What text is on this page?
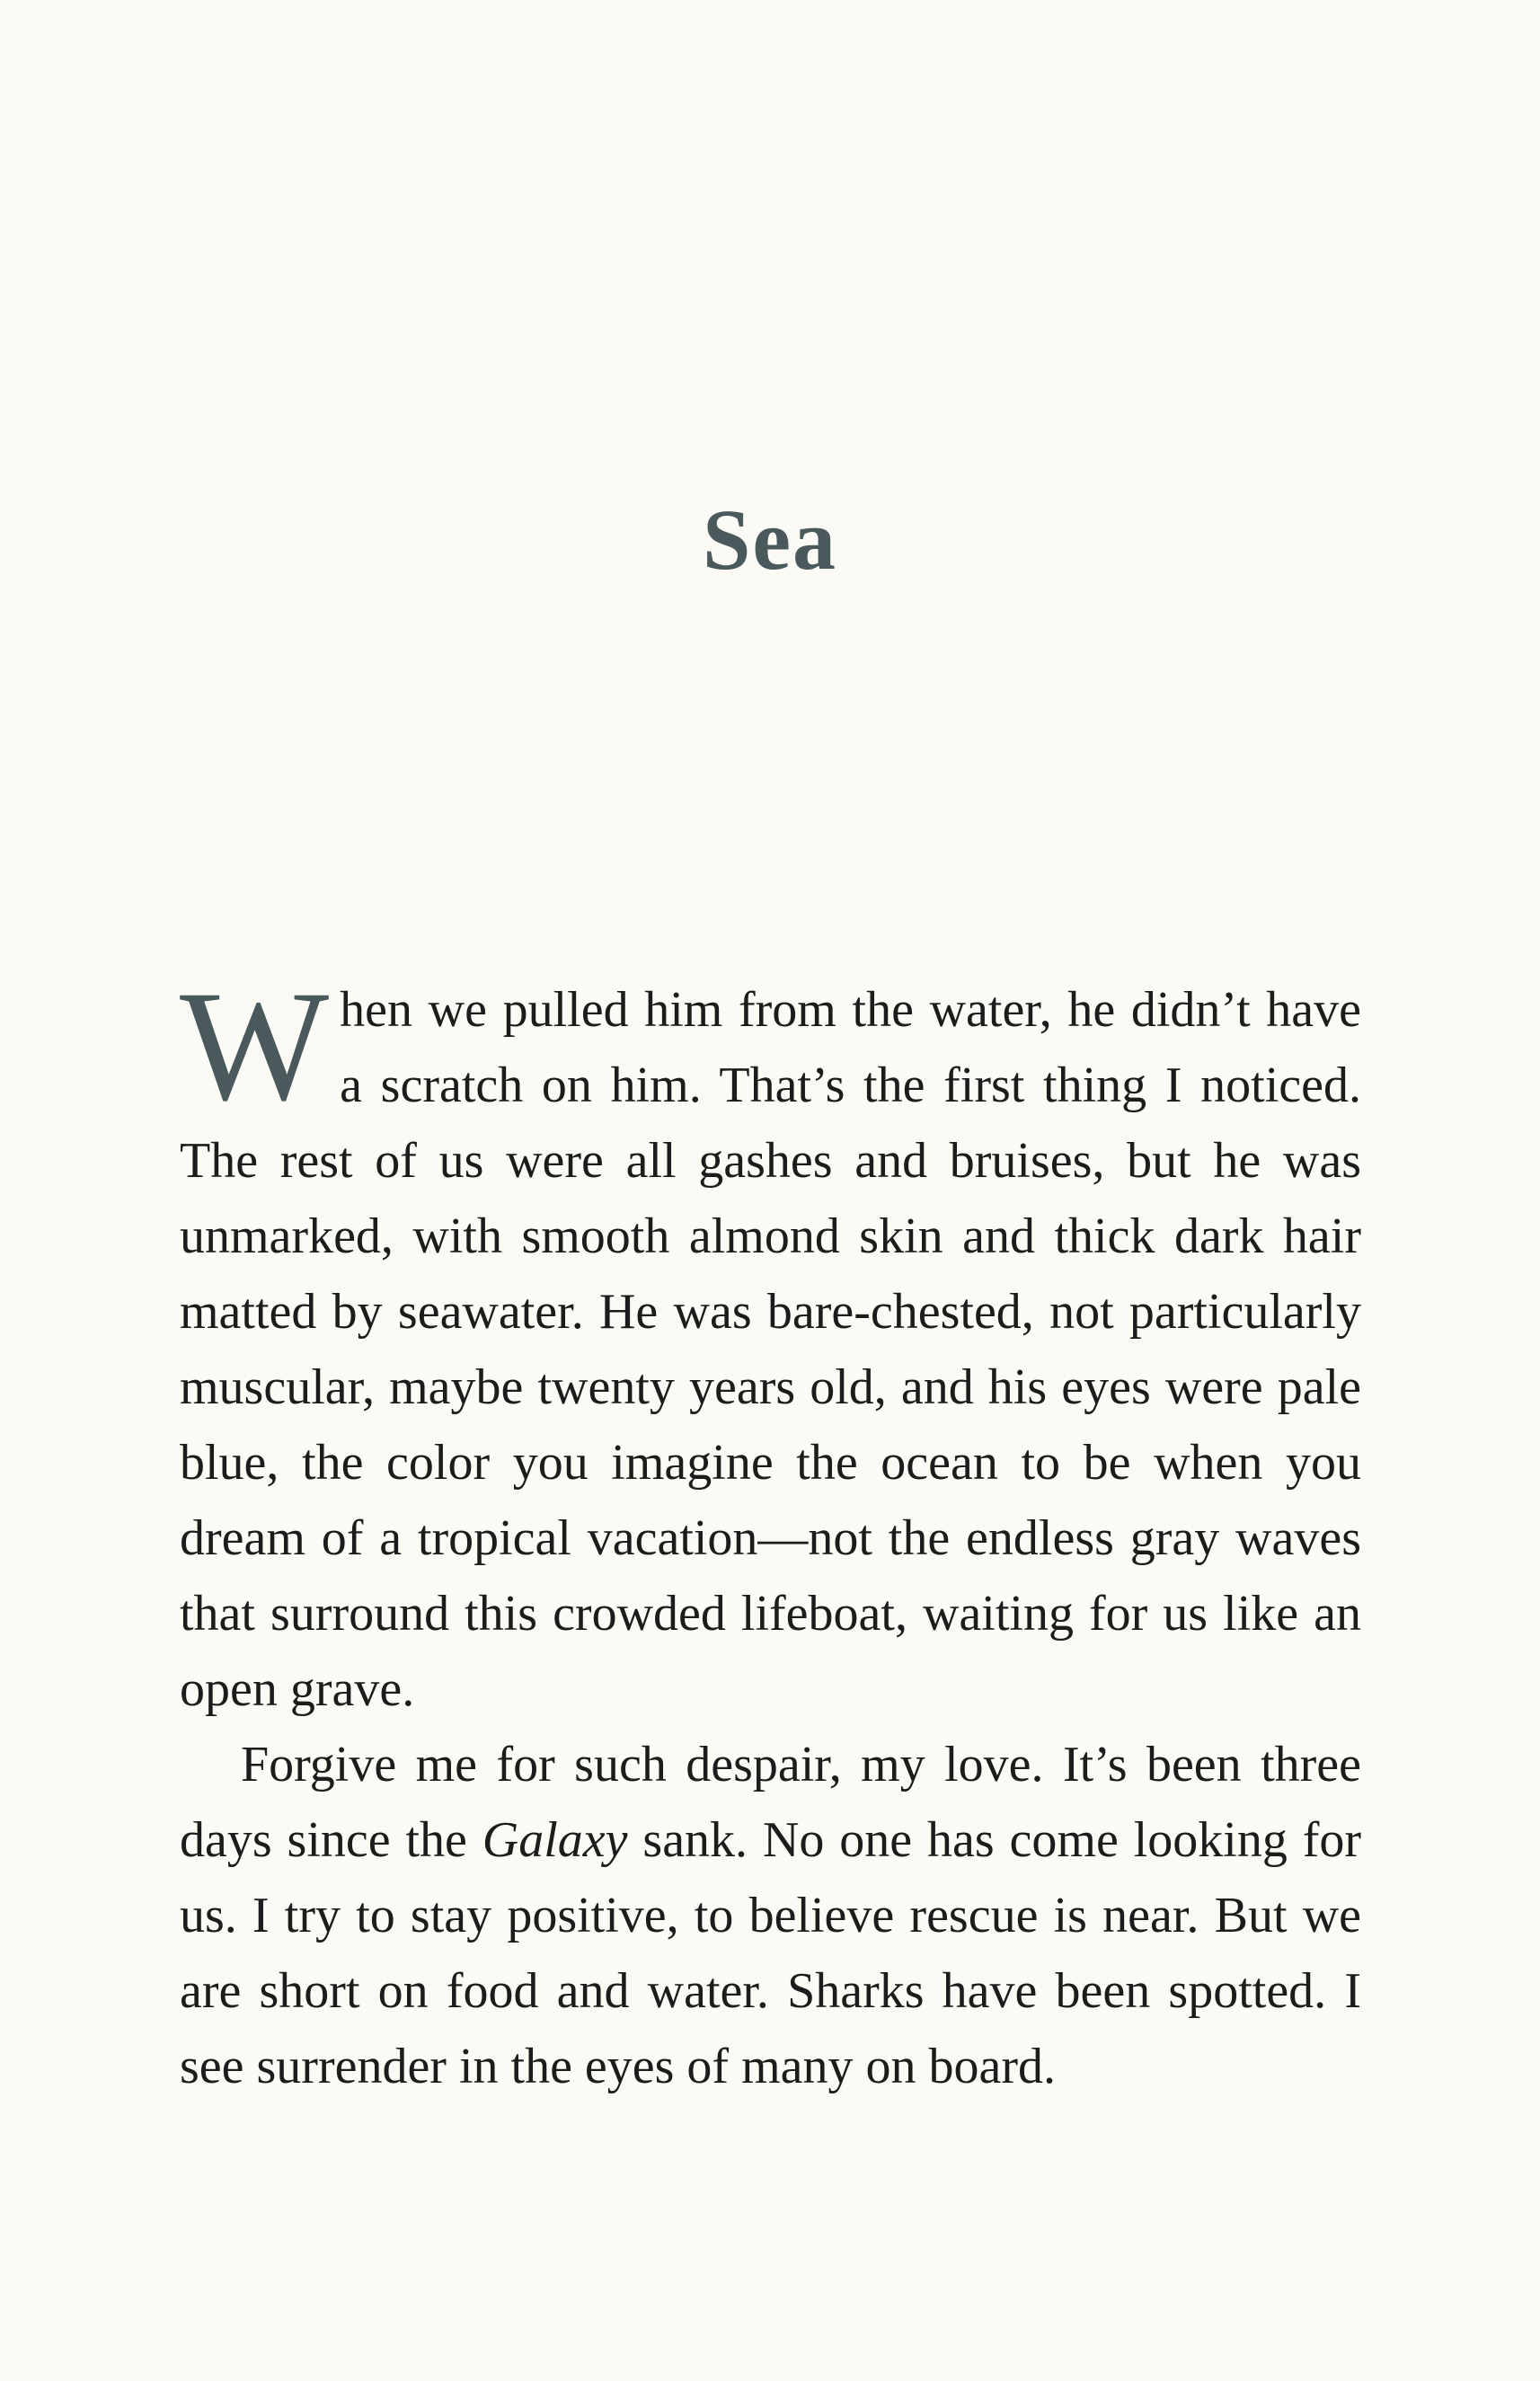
Sea

When we pulled him from the water, he didn’t have a scratch on him. That’s the first thing I noticed. The rest of us were all gashes and bruises, but he was unmarked, with smooth almond skin and thick dark hair matted by seawater. He was bare-chested, not particularly muscular, maybe twenty years old, and his eyes were pale blue, the color you imagine the ocean to be when you dream of a tropical vacation—not the endless gray waves that surround this crowded lifeboat, waiting for us like an open grave.

Forgive me for such despair, my love. It’s been three days since the Galaxy sank. No one has come looking for us. I try to stay positive, to believe rescue is near. But we are short on food and water. Sharks have been spotted. I see surrender in the eyes of many on board.
